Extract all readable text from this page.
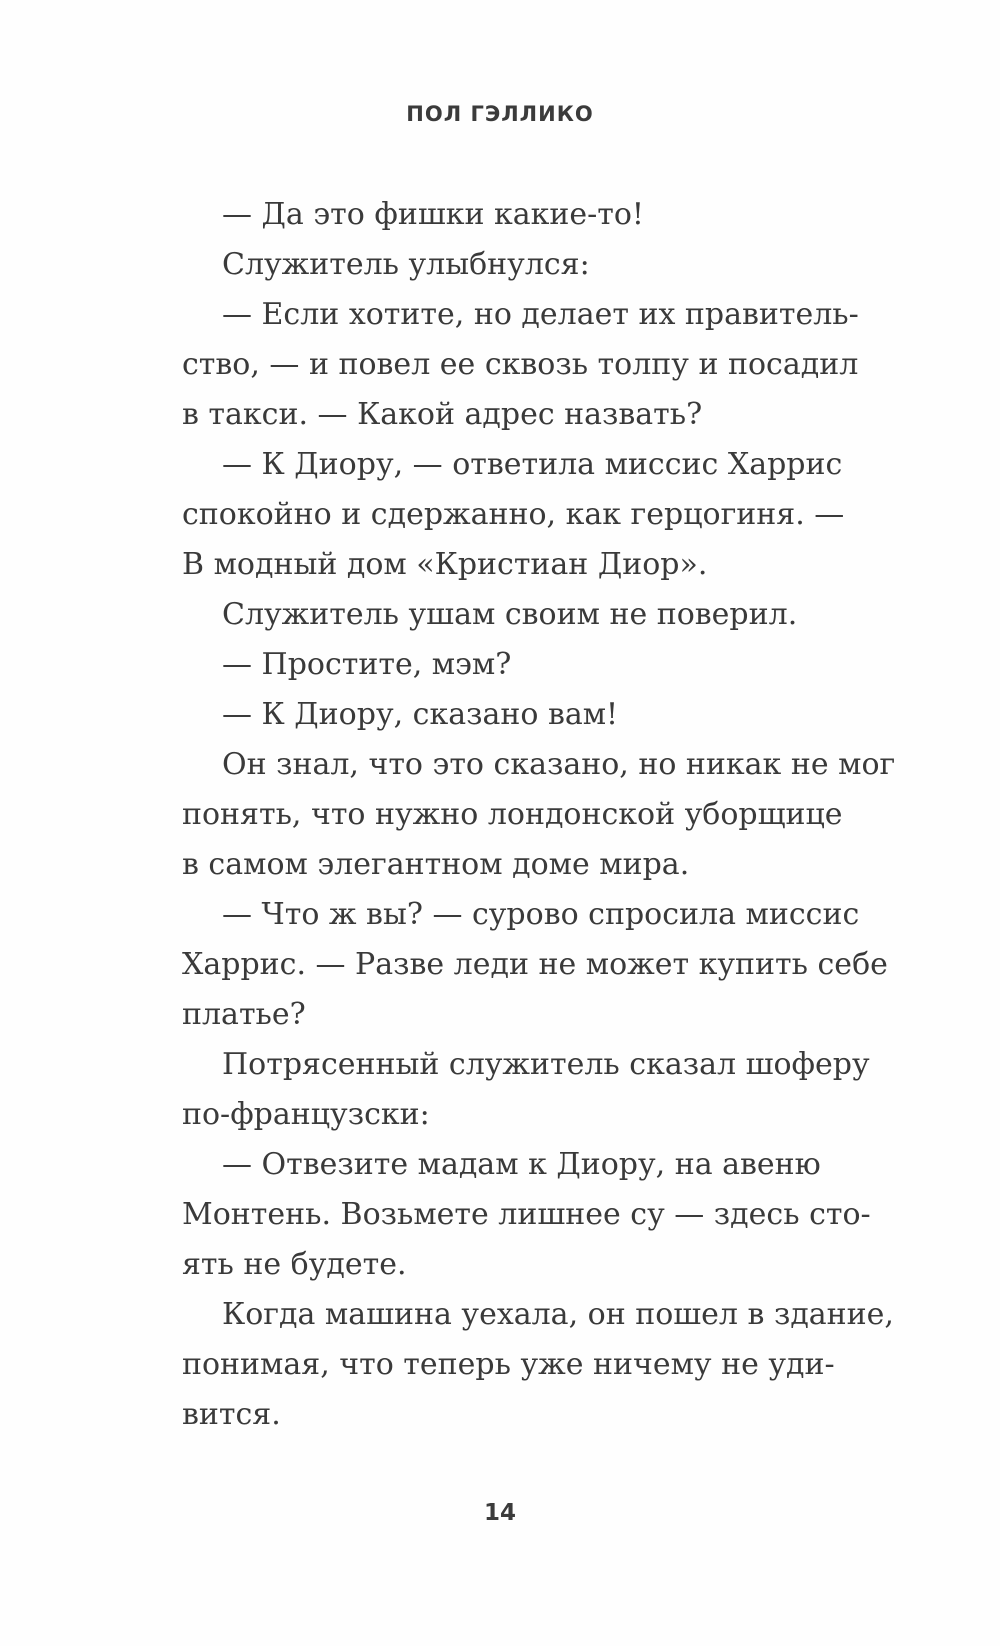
ПОЛ ГЭЛЛИКО
— Да это фишки какие-то!
Служитель улыбнулся:
— Если хотите, но делает их правитель-
ство, — и повел ее сквозь толпу и посадил
в такси. — Какой адрес назвать?
— К Диору, — ответила миссис Харрис
спокойно и сдержанно, как герцогиня. —
В модный дом «Кристиан Диор».
Служитель ушам своим не поверил.
— Простите, мэм?
— К Диору, сказано вам!
Он знал, что это сказано, но никак не мог
понять, что нужно лондонской уборщице
в самом элегантном доме мира.
— Что ж вы? — сурово спросила миссис
Харрис. — Разве леди не может купить себе
платье?
Потрясенный служитель сказал шоферу
по-французски:
— Отвезите мадам к Диору, на авеню
Монтень. Возьмете лишнее су — здесь сто-
ять не будете.
Когда машина уехала, он пошел в здание,
понимая, что теперь уже ничему не уди-
вится.
14
